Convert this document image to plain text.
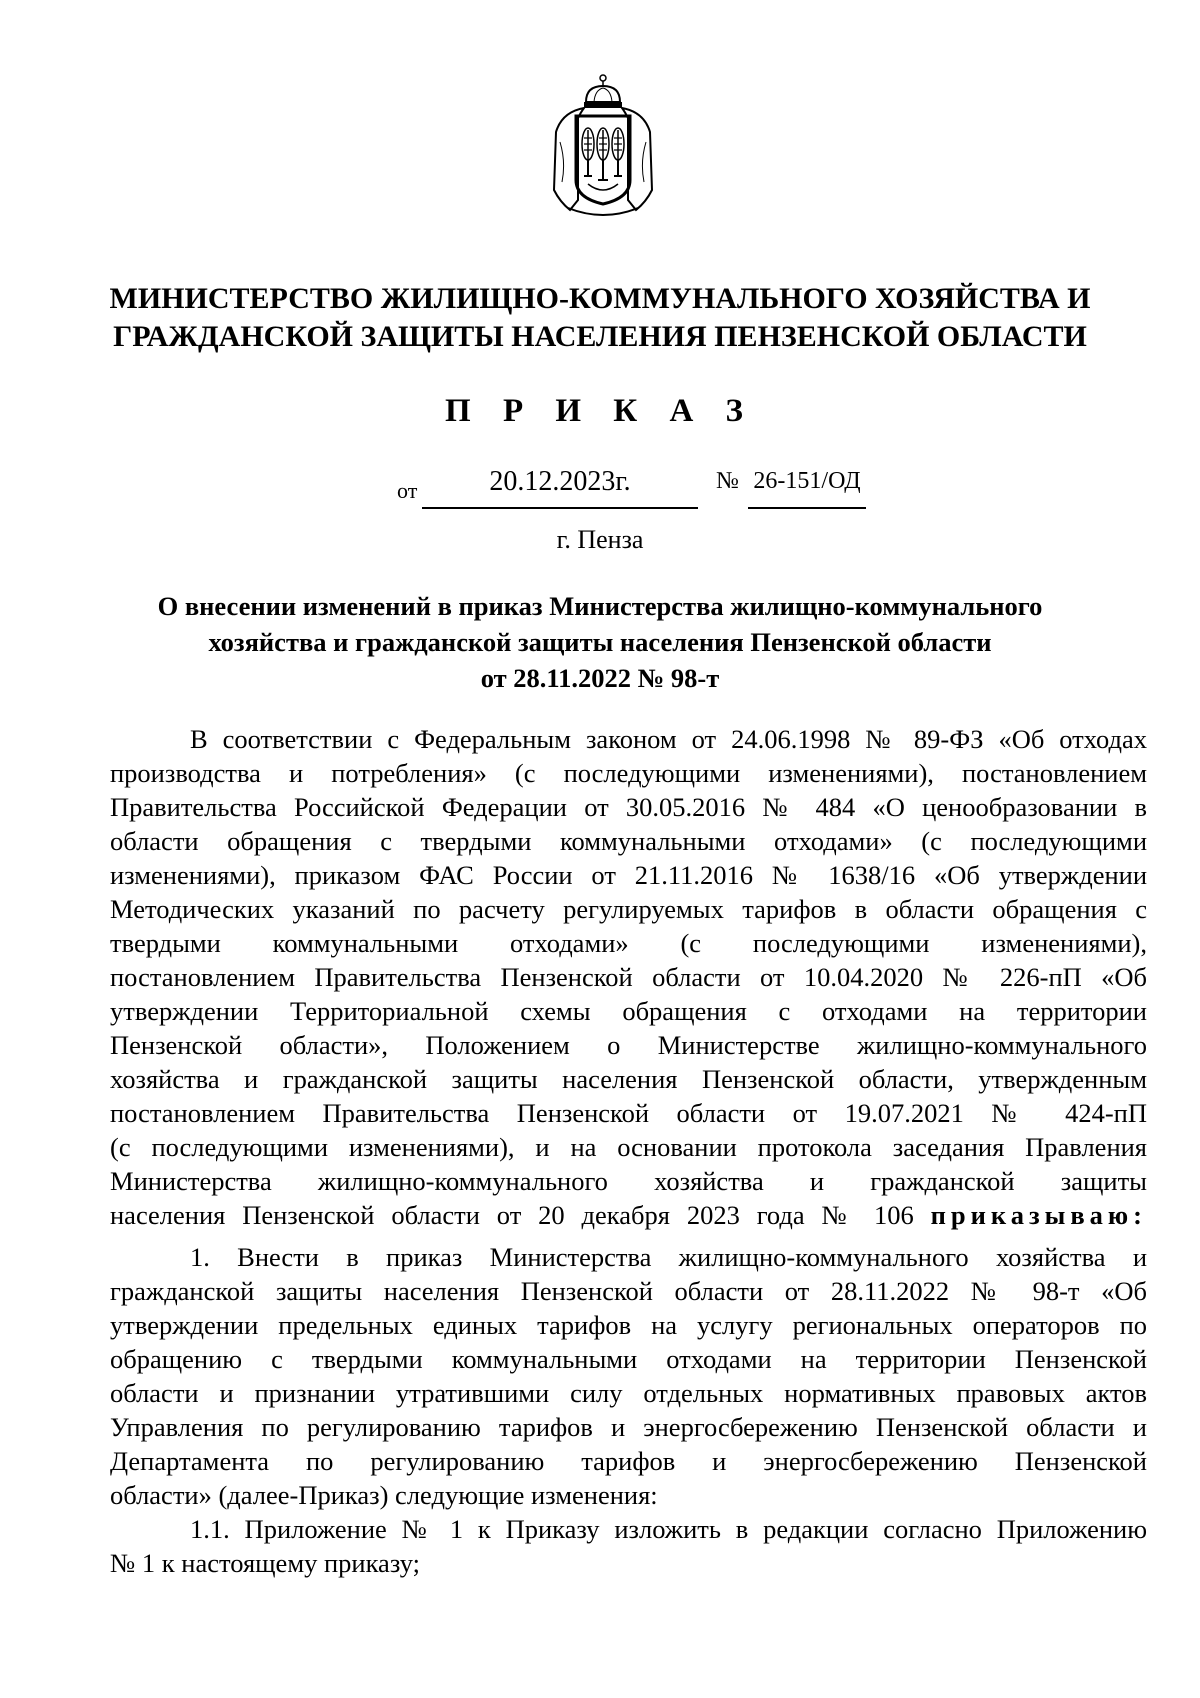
МИНИСТЕРСТВО ЖИЛИЩНО-КОММУНАЛЬНОГО ХОЗЯЙСТВА И
ГРАЖДАНСКОЙ ЗАЩИТЫ НАСЕЛЕНИЯ ПЕНЗЕНСКОЙ ОБЛАСТИ
П Р И К А З
от	20.12.2023г.	№ 26-151/ОД
г. Пенза
О внесении изменений в приказ Министерства жилищно-коммунального
хозяйства и гражданской защиты населения Пензенской области
от 28.11.2022 № 98-т
В соответствии с Федеральным законом от 24.06.1998 № 89-ФЗ «Об отходах
производства и потребления» (с последующими изменениями), постановлением
Правительства Российской Федерации от 30.05.2016 № 484 «О ценообразовании в
области обращения с твердыми коммунальными отходами» (с последующими
изменениями), приказом ФАС России от 21.11.2016 № 1638/16 «Об утверждении
Методических указаний по расчету регулируемых тарифов в области обращения с
твердыми коммунальными отходами» (с последующими изменениями),
постановлением Правительства Пензенской области от 10.04.2020 № 226-пП «Об
утверждении Территориальной схемы обращения с отходами на территории
Пензенской области», Положением о Министерстве жилищно-коммунального
хозяйства и гражданской защиты населения Пензенской области, утвержденным
постановлением Правительства Пензенской области от 19.07.2021 № 424-пП
(с последующими изменениями), и на основании протокола заседания Правления
Министерства жилищно-коммунального хозяйства и гражданской защиты
населения Пензенской области от 20 декабря 2023 года № 106 приказываю:
1. Внести в приказ Министерства жилищно-коммунального хозяйства и
гражданской защиты населения Пензенской области от 28.11.2022 № 98-т «Об
утверждении предельных единых тарифов на услугу региональных операторов по
обращению с твердыми коммунальными отходами на территории Пензенской
области и признании утратившими силу отдельных нормативных правовых актов
Управления по регулированию тарифов и энергосбережению Пензенской области и
Департамента по регулированию тарифов и энергосбережению Пензенской
области» (далее-Приказ) следующие изменения:
1.1. Приложение № 1 к Приказу изложить в редакции согласно Приложению
№ 1 к настоящему приказу;
